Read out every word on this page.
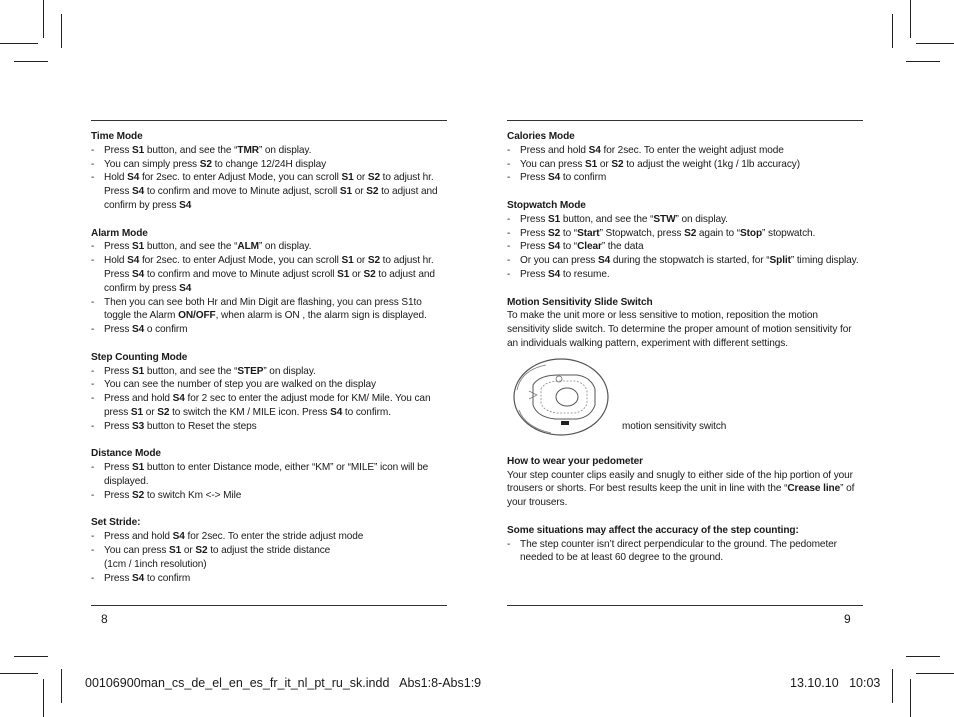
Time Mode
- Press S1 button, and see the “TMR” on display.
- You can simply press S2 to change 12/24H display
- Hold S4 for 2sec. to enter Adjust Mode, you can scroll S1 or S2 to adjust hr. Press S4 to confirm and move to Minute adjust, scroll S1 or S2 to adjust and confirm by press S4
Alarm Mode
- Press S1 button, and see the “ALM” on display.
- Hold S4 for 2sec. to enter Adjust Mode, you can scroll S1 or S2 to adjust hr. Press S4 to confirm and move to Minute adjust scroll S1 or S2 to adjust and confirm by press S4
- Then you can see both Hr and Min Digit are flashing, you can press S1to toggle the Alarm ON/OFF, when alarm is ON , the alarm sign is displayed.
- Press S4 o confirm
Step Counting Mode
- Press S1 button, and see the “STEP” on display.
- You can see the number of step you are walked on the display
- Press and hold S4 for 2 sec to enter the adjust mode for KM/ Mile. You can press S1 or S2 to switch the KM / MILE icon. Press S4 to confirm.
- Press S3 button to Reset the steps
Distance Mode
- Press S1 button to enter Distance mode, either “KM” or “MILE” icon will be displayed.
- Press S2 to switch Km <-> Mile
Set Stride:
- Press and hold S4 for 2sec. To enter the stride adjust mode
- You can press S1 or S2 to adjust the stride distance
(1cm / 1inch resolution)
- Press S4 to confirm
Calories Mode
- Press and hold S4 for 2sec. To enter the weight adjust mode
- You can press S1 or S2 to adjust the weight (1kg / 1lb accuracy)
- Press S4 to confirm
Stopwatch Mode
- Press S1 button, and see the “STW” on display.
- Press S2 to “Start” Stopwatch, press S2 again to “Stop” stopwatch.
- Press S4 to “Clear” the data
- Or you can press S4 during the stopwatch is started, for “Split” timing display.
- Press S4 to resume.
Motion Sensitivity Slide Switch

To make the unit more or less sensitive to motion, reposition the motion sensitivity slide switch. To determine the proper amount of motion sensitivity for an individuals walking pattern, experiment with different settings.

motion sensitivity switch
How to wear your pedometer

Your step counter clips easily and snugly to either side of the hip portion of your trousers or shorts. For best results keep the unit in line with the “Crease line” of your trousers.

Some situations may affect the accuracy of the step counting:
- The step counter isn’t direct perpendicular to the ground. The pedometer needed to be at least 60 degree to the ground.
8	9
00106900man_cs_de_el_en_es_fr_it_nl_pt_ru_sk.indd   Abs1:8-Abs1:9	13.10.10   10:03
